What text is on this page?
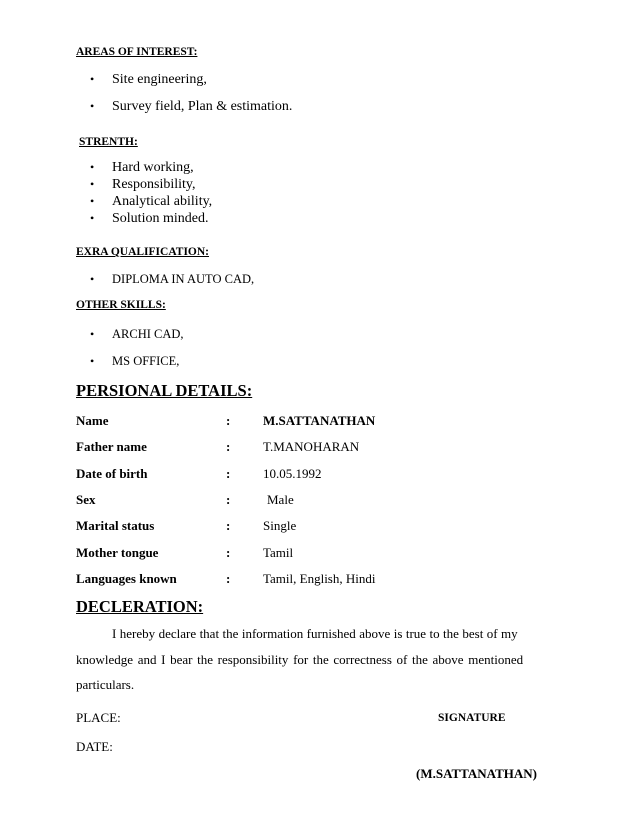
AREAS OF INTEREST:
• Site engineering,
• Survey field, Plan & estimation.
STRENTH:
• Hard working,
• Responsibility,
• Analytical ability,
• Solution minded.
EXRA QUALIFICATION:
• DIPLOMA IN AUTO CAD,
OTHER SKILLS:
• ARCHI CAD,
• MS OFFICE,
PERSIONAL DETAILS:
Name	:	M.SATTANATHAN
Father name	:	T.MANOHARAN
Date of birth	:	10.05.1992
Sex	:	Male
Marital status	:	Single
Mother tongue	:	Tamil
Languages known	:	Tamil, English, Hindi
DECLERATION:
I hereby declare that the information furnished above is true to the best of my
knowledge and I bear the responsibility for the correctness of the above mentioned
particulars.
PLACE:	SIGNATURE
DATE:
(M.SATTANATHAN)
